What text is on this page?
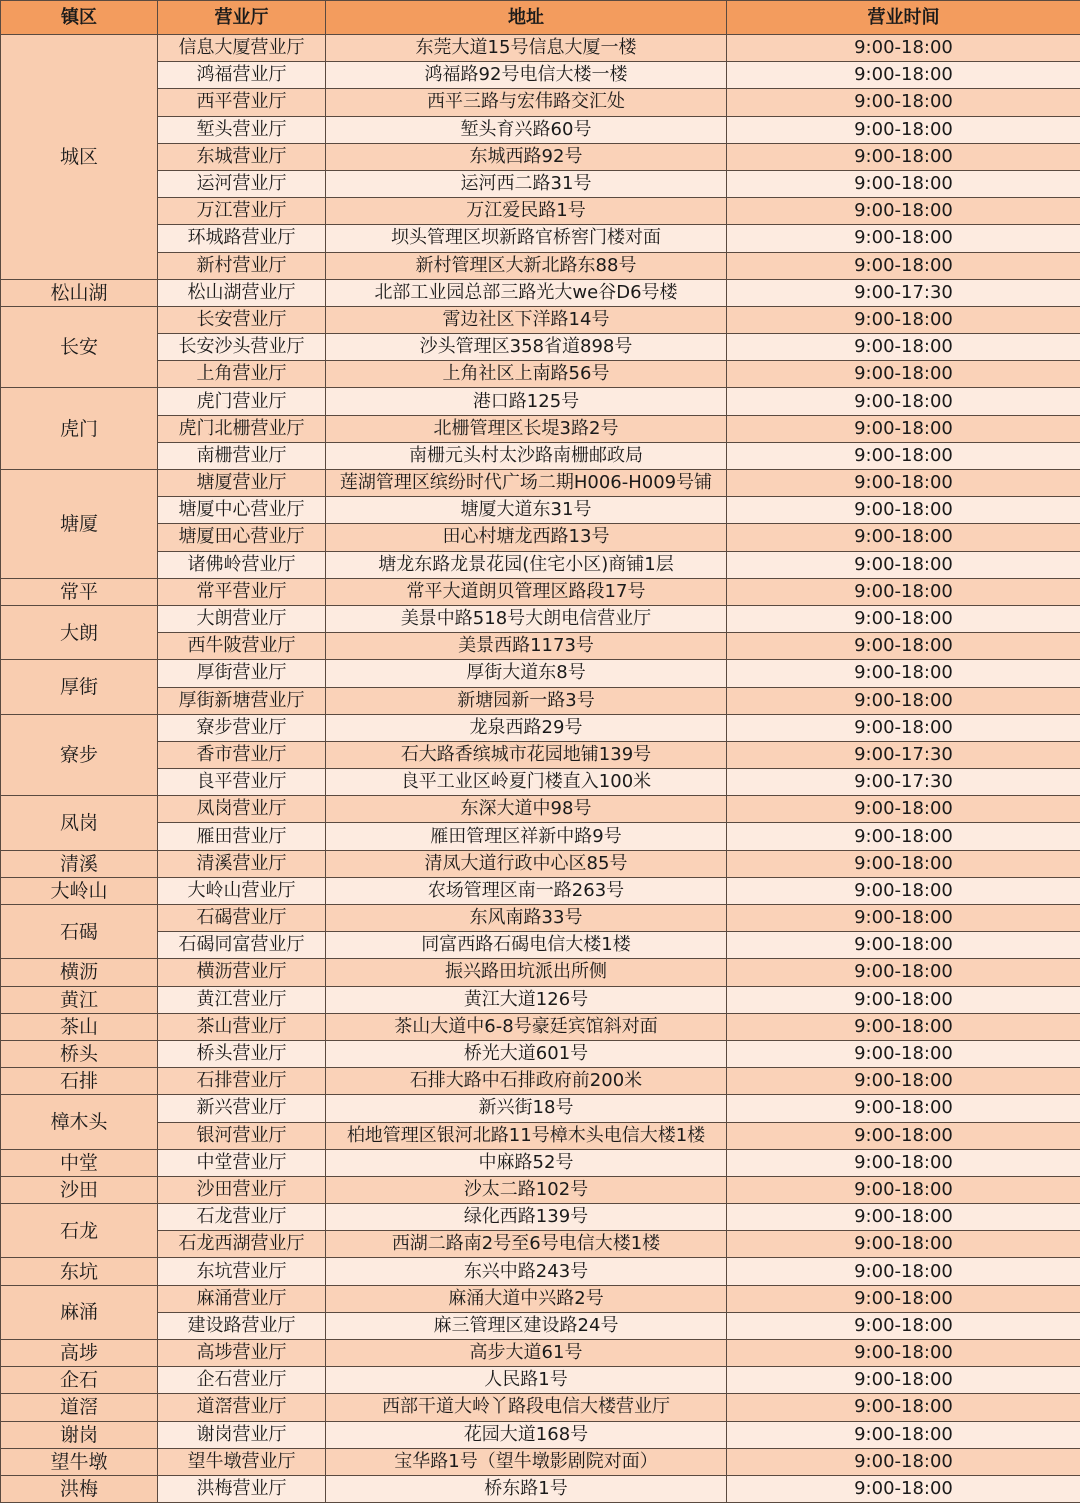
镇区	营业厅	地址	营业时间
城区	信息大厦营业厅	东莞大道15号信息大厦一楼	9:00-18:00
	鸿福营业厅	鸿福路92号电信大楼一楼	9:00-18:00
	西平营业厅	西平三路与宏伟路交汇处	9:00-18:00
	堑头营业厅	堑头育兴路60号	9:00-18:00
	东城营业厅	东城西路92号	9:00-18:00
	运河营业厅	运河西二路31号	9:00-18:00
	万江营业厅	万江爱民路1号	9:00-18:00
	环城路营业厅	坝头管理区坝新路官桥窖门楼对面	9:00-18:00
	新村营业厅	新村管理区大新北路东88号	9:00-18:00
松山湖	松山湖营业厅	北部工业园总部三路光大we谷D6号楼	9:00-17:30
长安	长安营业厅	霄边社区下洋路14号	9:00-18:00
	长安沙头营业厅	沙头管理区358省道898号	9:00-18:00
	上角营业厅	上角社区上南路56号	9:00-18:00
虎门	虎门营业厅	港口路125号	9:00-18:00
	虎门北栅营业厅	北栅管理区长堤3路2号	9:00-18:00
	南栅营业厅	南栅元头村太沙路南栅邮政局	9:00-18:00
塘厦	塘厦营业厅	莲湖管理区缤纷时代广场二期H006-H009号铺	9:00-18:00
	塘厦中心营业厅	塘厦大道东31号	9:00-18:00
	塘厦田心营业厅	田心村塘龙西路13号	9:00-18:00
	诸佛岭营业厅	塘龙东路龙景花园(住宅小区)商铺1层	9:00-18:00
常平	常平营业厅	常平大道朗贝管理区路段17号	9:00-18:00
大朗	大朗营业厅	美景中路518号大朗电信营业厅	9:00-18:00
	西牛陂营业厅	美景西路1173号	9:00-18:00
厚街	厚街营业厅	厚街大道东8号	9:00-18:00
	厚街新塘营业厅	新塘园新一路3号	9:00-18:00
寮步	寮步营业厅	龙泉西路29号	9:00-18:00
	香市营业厅	石大路香缤城市花园地铺139号	9:00-17:30
	良平营业厅	良平工业区岭夏门楼直入100米	9:00-17:30
凤岗	凤岗营业厅	东深大道中98号	9:00-18:00
	雁田营业厅	雁田管理区祥新中路9号	9:00-18:00
清溪	清溪营业厅	清凤大道行政中心区85号	9:00-18:00
大岭山	大岭山营业厅	农场管理区南一路263号	9:00-18:00
石碣	石碣营业厅	东风南路33号	9:00-18:00
	石碣同富营业厅	同富西路石碣电信大楼1楼	9:00-18:00
横沥	横沥营业厅	振兴路田坑派出所侧	9:00-18:00
黄江	黄江营业厅	黄江大道126号	9:00-18:00
茶山	茶山营业厅	茶山大道中6-8号豪廷宾馆斜对面	9:00-18:00
桥头	桥头营业厅	桥光大道601号	9:00-18:00
石排	石排营业厅	石排大路中石排政府前200米	9:00-18:00
樟木头	新兴营业厅	新兴街18号	9:00-18:00
	银河营业厅	柏地管理区银河北路11号樟木头电信大楼1楼	9:00-18:00
中堂	中堂营业厅	中麻路52号	9:00-18:00
沙田	沙田营业厅	沙太二路102号	9:00-18:00
石龙	石龙营业厅	绿化西路139号	9:00-18:00
	石龙西湖营业厅	西湖二路南2号至6号电信大楼1楼	9:00-18:00
东坑	东坑营业厅	东兴中路243号	9:00-18:00
麻涌	麻涌营业厅	麻涌大道中兴路2号	9:00-18:00
	建设路营业厅	麻三管理区建设路24号	9:00-18:00
高埗	高埗营业厅	高步大道61号	9:00-18:00
企石	企石营业厅	人民路1号	9:00-18:00
道滘	道滘营业厅	西部干道大岭丫路段电信大楼营业厅	9:00-18:00
谢岗	谢岗营业厅	花园大道168号	9:00-18:00
望牛墩	望牛墩营业厅	宝华路1号（望牛墩影剧院对面）	9:00-18:00
洪梅	洪梅营业厅	桥东路1号	9:00-18:00
